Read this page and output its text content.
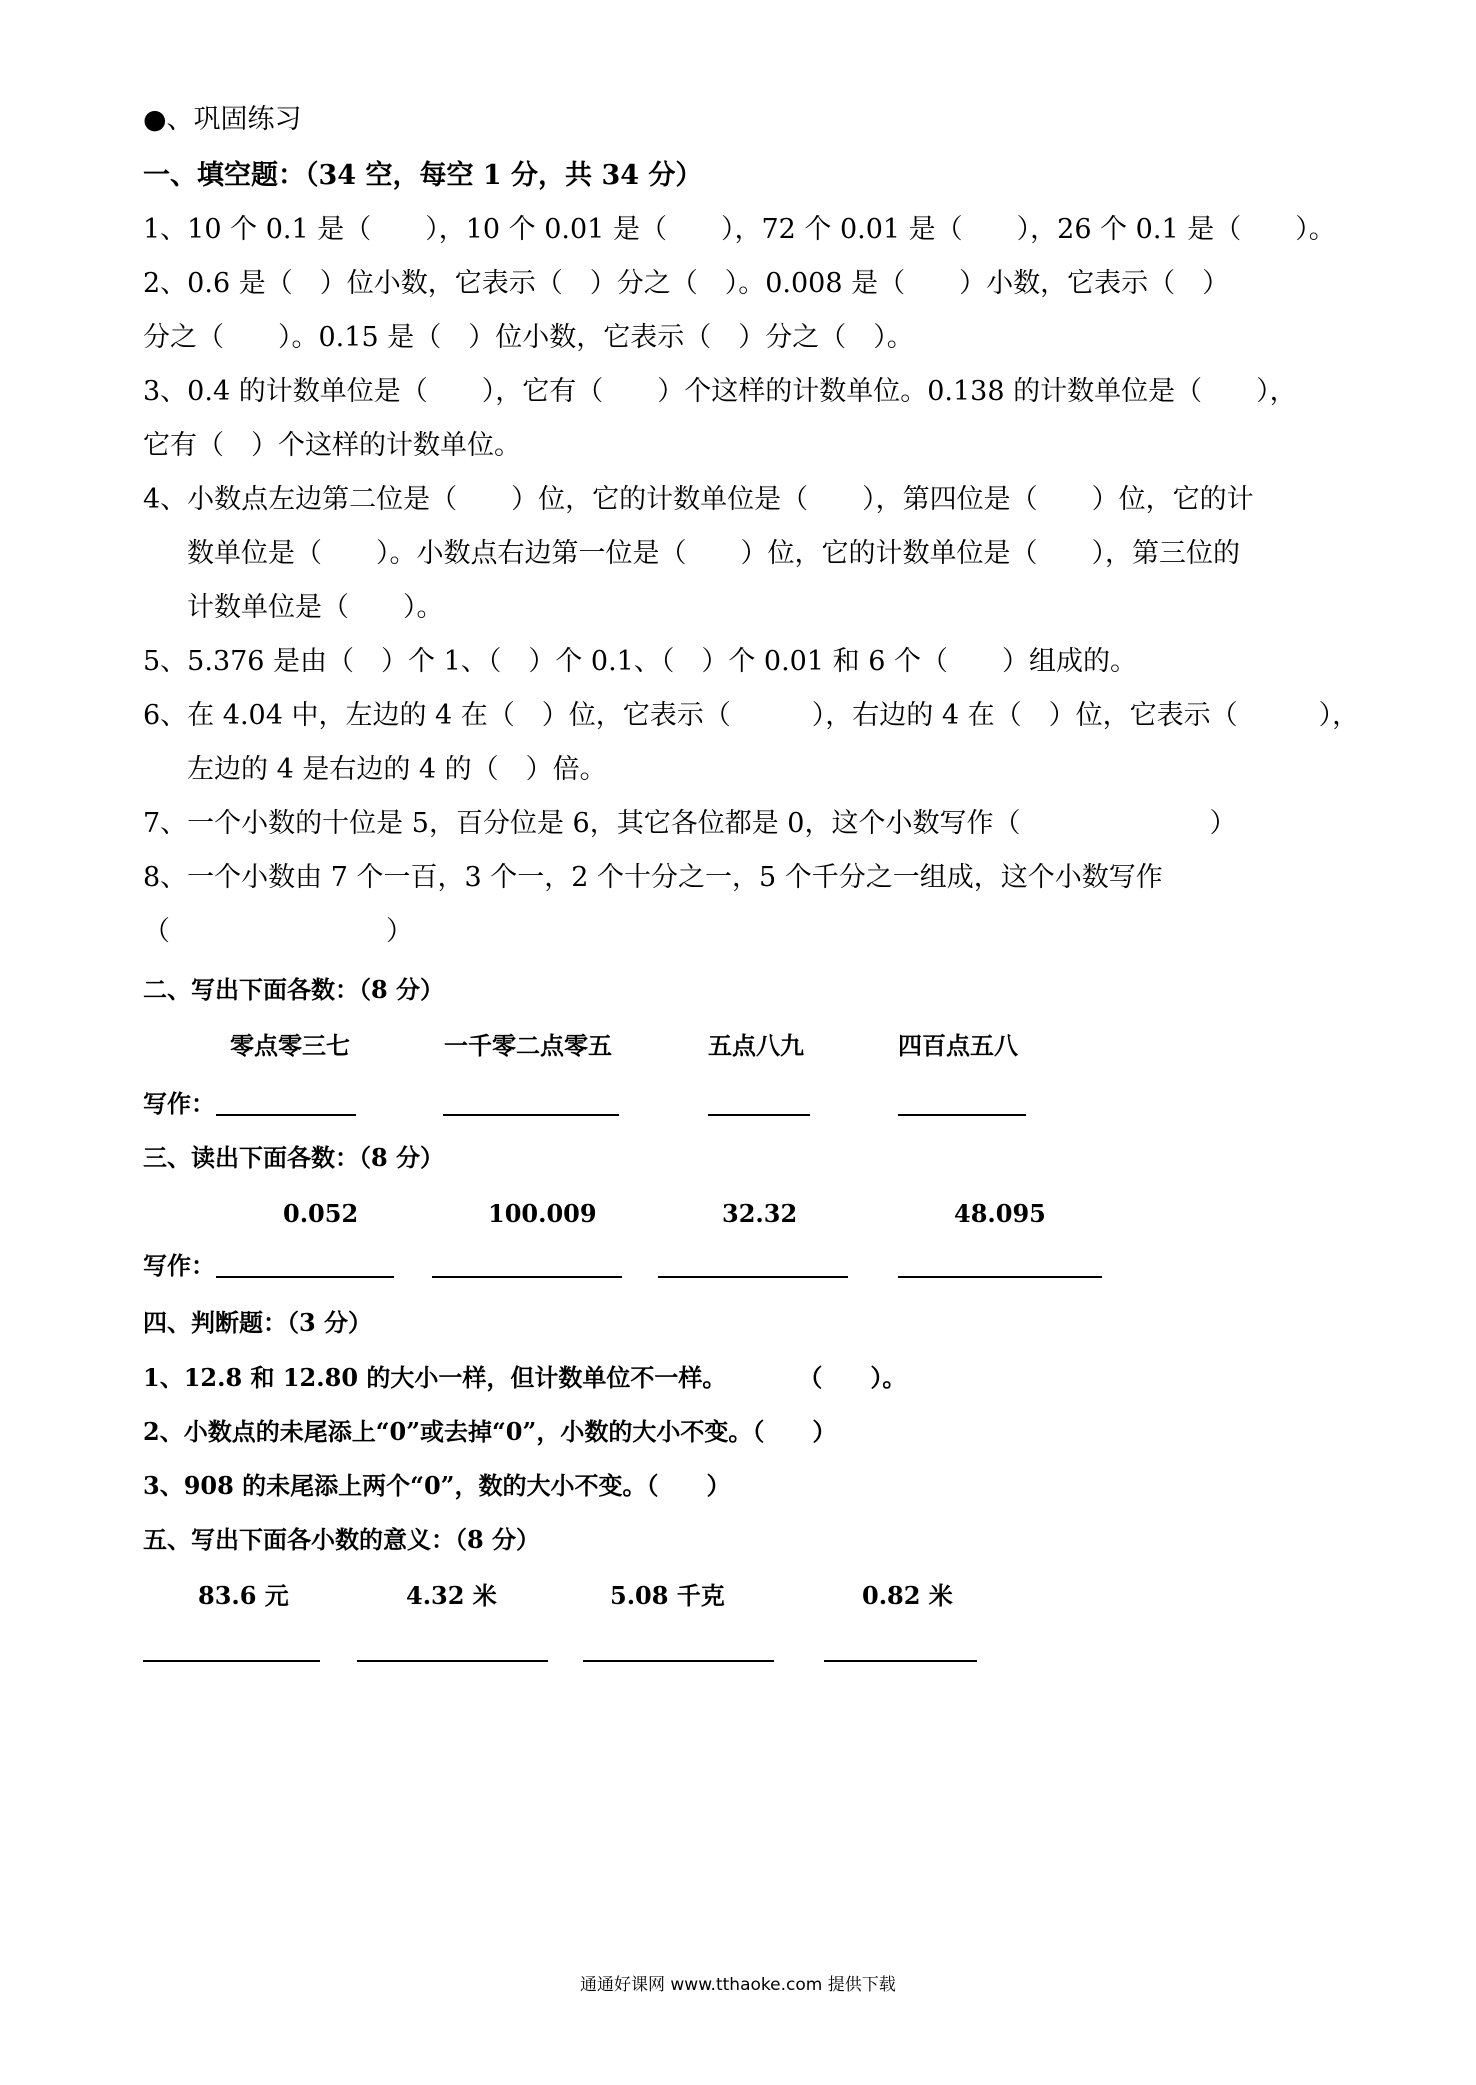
●、巩固练习
一、填空题：（34 空，每空 1 分，共 34 分）
1、10 个 0.1 是（　　），10 个 0.01 是（　　），72 个 0.01 是（　　），26 个 0.1 是（　　）。
2、0.6 是（　）位小数，它表示（　）分之（　）。0.008 是（　　）小数，它表示（　）
分之（　　）。0.15 是（　）位小数，它表示（　）分之（　）。
3、0.4 的计数单位是（　　），它有（　　）个这样的计数单位。0.138 的计数单位是（　　），
它有（　）个这样的计数单位。
4、小数点左边第二位是（　　）位，它的计数单位是（　　），第四位是（　　）位，它的计
数单位是（　　）。小数点右边第一位是（　　）位，它的计数单位是（　　），第三位的
计数单位是（　　）。
5、5.376 是由（　）个 1、（　）个 0.1、（　）个 0.01 和 6 个（　　）组成的。
6、在 4.04 中，左边的 4 在（　）位，它表示（　　　），右边的 4 在（　）位，它表示（　　　），
左边的 4 是右边的 4 的（　）倍。
7、一个小数的十位是 5，百分位是 6，其它各位都是 0，这个小数写作（　　　　　　　）
8、一个小数由 7 个一百，3 个一，2 个十分之一，5 个千分之一组成，这个小数写作
（　　　　　　　　）
二、写出下面各数：（8 分）
零点零三七	一千零二点零五	五点八九	四百点五八
写作：
三、读出下面各数：（8 分）
0.052	100.009	32.32	48.095
写作：
四、判断题：（3 分）
1、12.8 和 12.80 的大小一样，但计数单位不一样。　　　　（　　）。
2、小数点的未尾添上“0”或去掉“0”，小数的大小不变。（　　）
3、908 的未尾添上两个“0”，数的大小不变。（　　）
五、写出下面各小数的意义：（8 分）
83.6 元	4.32 米	5.08 千克	0.82 米
通通好课网 www.tthaoke.com 提供下载
